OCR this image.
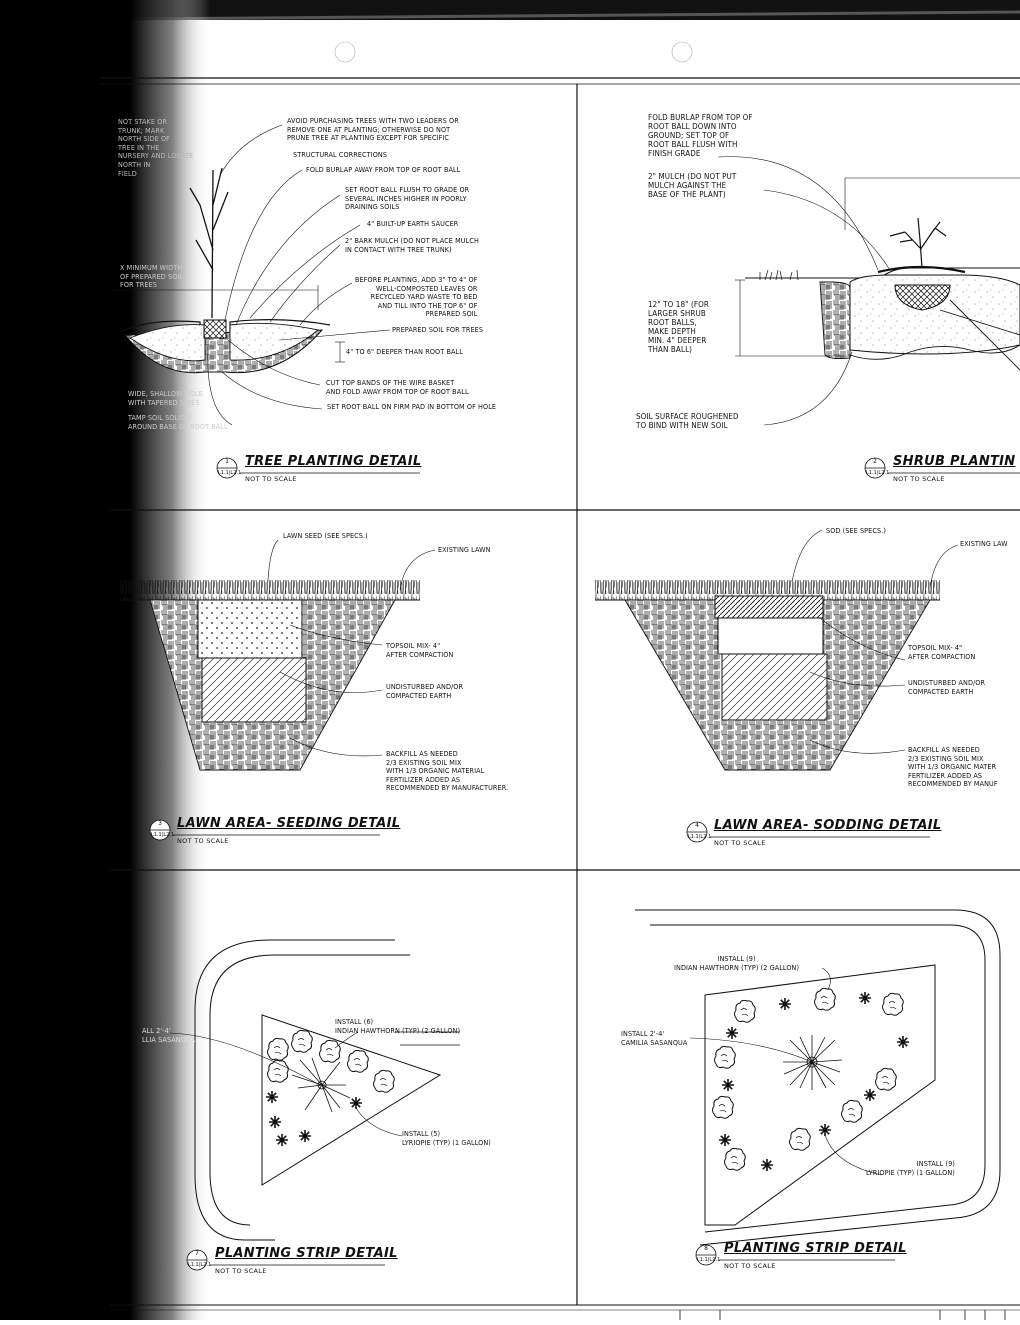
1
L1.1|L2.1
2
L1.1|L2.1
3
L1.1|L2.1
4
L1.1|L2.1
7
L1.1|L2.1
8
L1.1|L2.1
TREE PLANTING DETAIL
NOT TO SCALE
SHRUB PLANTIN
NOT TO SCALE
LAWN AREA- SEEDING DETAIL
NOT TO SCALE
LAWN AREA- SODDING DETAIL
NOT TO SCALE
PLANTING STRIP DETAIL
NOT TO SCALE
PLANTING STRIP DETAIL
NOT TO SCALE
AVOID PURCHASING TREES WITH TWO LEADERS OR
REMOVE ONE AT PLANTING; OTHERWISE DO NOT
PRUNE TREE AT PLANTING EXCEPT FOR SPECIFIC
STRUCTURAL CORRECTIONS
FOLD BURLAP AWAY FROM TOP OF ROOT BALL
SET ROOT BALL FLUSH TO GRADE OR
SEVERAL INCHES HIGHER IN POORLY
DRAINING SOILS
4" BUILT-UP EARTH SAUCER
2" BARK MULCH (DO NOT PLACE MULCH
IN CONTACT WITH TREE TRUNK)
BEFORE PLANTING, ADD 3" TO 4" OF
WELL-COMPOSTED LEAVES OR
RECYCLED YARD WASTE TO BED
AND TILL INTO THE TOP 6" OF
PREPARED SOIL
PREPARED SOIL FOR TREES
4" TO 6" DEEPER THAN ROOT BALL
CUT TOP BANDS OF THE WIRE BASKET
AND FOLD AWAY FROM TOP OF ROOT BALL
SET ROOT BALL ON FIRM PAD IN BOTTOM OF HOLE
NOT STAKE OR
TRUNK; MARK
NORTH SIDE OF
TREE IN THE
NURSERY AND LOCATE
NORTH IN
FIELD
X MINIMUM WIDTH
OF PREPARED SOIL
FOR TREES
WIDE, SHALLOW HOLE
WITH TAPERED SIDES
TAMP SOIL SOLIDLY
AROUND BASE OF ROOT BALL
FOLD BURLAP FROM TOP OF
ROOT BALL DOWN INTO
GROUND; SET TOP OF
ROOT BALL FLUSH WITH
FINISH GRADE
2" MULCH (DO NOT PUT
MULCH AGAINST THE
BASE OF THE PLANT)
12" TO 18" (FOR
LARGER SHRUB
ROOT BALLS,
MAKE DEPTH
MIN. 4" DEEPER
THAN BALL)
SOIL SURFACE ROUGHENED
TO BIND WITH NEW SOIL
LAWN SEED (SEE SPECS.)
EXISTING LAWN
TOPSOIL MIX- 4"
AFTER COMPACTION
UNDISTURBED AND/OR
COMPACTED EARTH
BACKFILL AS NEEDED
2/3 EXISTING SOIL MIX
WITH 1/3 ORGANIC MATERIAL
FERTILIZER ADDED AS
RECOMMENDED BY MANUFACTURER.
SOD (SEE SPECS.)
EXISTING LAW
TOPSOIL MIX- 4"
AFTER COMPACTION
UNDISTURBED AND/OR
COMPACTED EARTH
BACKFILL AS NEEDED
2/3 EXISTING SOIL MIX
WITH 1/3 ORGANIC MATER
FERTILIZER ADDED AS
RECOMMENDED BY MANUF
INSTALL (6)
INDIAN HAWTHORN (TYP) (2 GALLON)
INSTALL (5)
LYRIOPIE (TYP) (1 GALLON)
ALL 2'-4'
LLIA SASANQUA
INSTALL (9)
INDIAN HAWTHORN (TYP) (2 GALLON)
INSTALL 2'-4'
CAMILIA SASANQUA
INSTALL (9)
LYRIOPIE (TYP) (1 GALLON)
